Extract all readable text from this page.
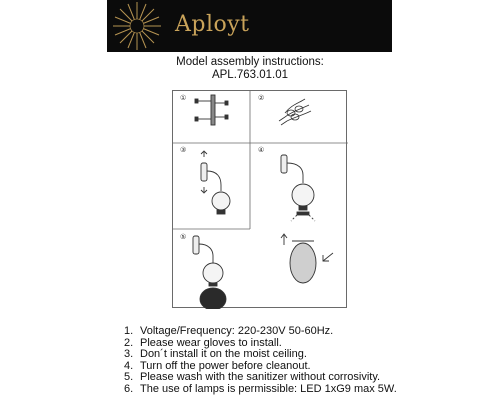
Aployt
Model assembly instructions:
APL.763.01.01
①	②
③	④
⑤
1. Voltage/Frequency: 220-230V 50-60Hz.
2. Please wear gloves to install.
3. Don´t install it on the moist ceiling.
4. Turn off the power before cleanout.
5. Please wash with the sanitizer without corrosivity.
6. The use of lamps is permissible: LED 1xG9 max 5W.
